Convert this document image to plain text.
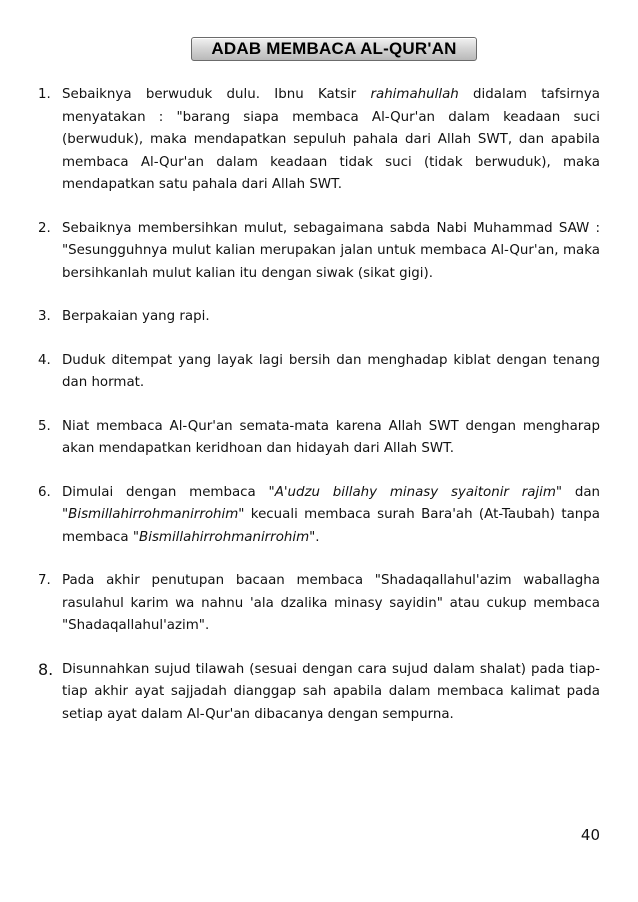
ADAB MEMBACA AL-QUR'AN
1. Sebaiknya berwuduk dulu. Ibnu Katsir rahimahullah didalam tafsirnya menyatakan : "barang siapa membaca Al-Qur'an dalam keadaan suci (berwuduk), maka mendapatkan sepuluh pahala dari Allah SWT, dan apabila membaca Al-Qur'an dalam keadaan tidak suci (tidak berwuduk), maka mendapatkan satu pahala dari Allah SWT.
2. Sebaiknya membersihkan mulut, sebagaimana sabda Nabi Muhammad SAW : "Sesungguhnya mulut kalian merupakan jalan untuk membaca Al-Qur'an, maka bersihkanlah mulut kalian itu dengan siwak (sikat gigi).
3. Berpakaian yang rapi.
4. Duduk ditempat yang layak lagi bersih dan menghadap kiblat dengan tenang dan hormat.
5. Niat membaca Al-Qur'an semata-mata karena Allah SWT dengan mengharap akan mendapatkan keridhoan dan hidayah dari Allah SWT.
6. Dimulai dengan membaca "A'udzu billahy minasy syaitonir rajim" dan "Bismillahirrohmanirrohim" kecuali membaca surah Bara'ah (At-Taubah) tanpa membaca "Bismillahirrohmanirrohim".
7. Pada akhir penutupan bacaan membaca "Shadaqallahul'azim waballagha rasulahul karim wa nahnu 'ala dzalika minasy sayidin" atau cukup membaca "Shadaqallahul'azim".
8. Disunnahkan sujud tilawah (sesuai dengan cara sujud dalam shalat) pada tiap-tiap akhir ayat sajjadah dianggap sah apabila dalam membaca kalimat pada setiap ayat dalam Al-Qur'an dibacanya dengan sempurna.
40
